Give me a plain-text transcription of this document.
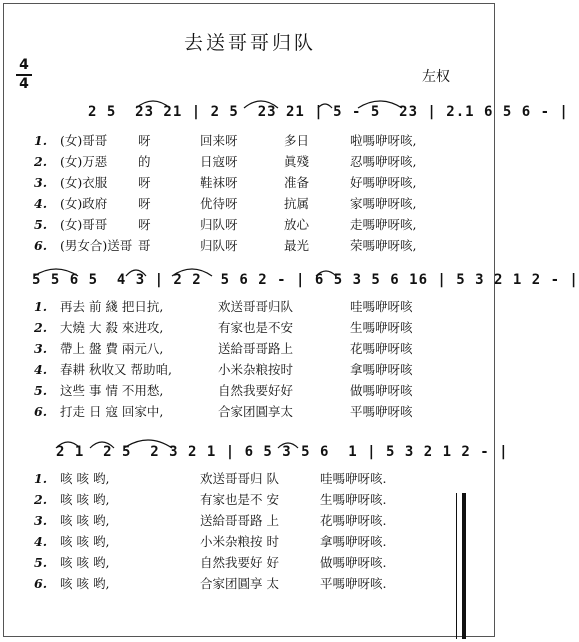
去送哥哥归队
左权
4
4
2 5  23 21 | 2 5  23 21 | 5 - 5  23 | 2.1 6 5 6 - |
1.	(女)哥哥	呀	回来呀	多日	啦嗎咿呀咳,
2.	(女)万惡	的	日寇呀	眞殘	忍嗎咿呀咳,
3.	(女)衣服	呀	鞋袜呀	准备	好嗎咿呀咳,
4.	(女)政府	呀	优待呀	抗属	家嗎咿呀咳,
5.	(女)哥哥	呀	归队呀	放心	走嗎咿呀咳,
6.	(男女合)送哥 哥	归队呀	最光	荣嗎咿呀咳,
5 5 6 5  4 3 | 2 2  5 6 2 - | 6 5 3 5 6 16 | 5 3 2 1 2 - |
1.	再去 前 綫 把日抗,	欢送哥哥归队	哇嗎咿呀咳
2.	大燒 大 殺 來进攻,	有家也是不安	生嗎咿呀咳
3.	帶上 盤 費 兩元八,	送給哥哥路上	花嗎咿呀咳
4.	春耕 秋收又 帮助咱,	小米杂粮按时	拿嗎咿呀咳
5.	这些 事 情 不用愁,	自然我要好好	做嗎咿呀咳
6.	打走 日 寇 回家中,	合家团圓享太	平嗎咿呀咳
2 1  2 5  2 3 2 1 | 6 5 3 5 6  1 | 5 3 2 1 2 - |
1.	咳 咳 哟,	欢送哥哥归 队	哇嗎咿呀咳.
2.	咳 咳 哟,	有家也是不 安	生嗎咿呀咳.
3.	咳 咳 哟,	送給哥哥路 上	花嗎咿呀咳.
4.	咳 咳 哟,	小米杂粮按 时	拿嗎咿呀咳.
5.	咳 咳 哟,	自然我要好 好	做嗎咿呀咳.
6.	咳 咳 哟,	合家团圓享 太	平嗎咿呀咳.
